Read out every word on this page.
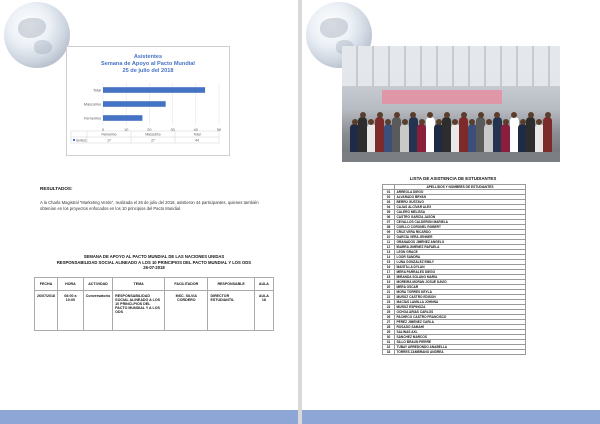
Asistentes
Semana de Apoyo al Pacto Mundial
25 de julio del 2018
0	10	20	30	40	50
Total
Masculino
Femenino
Femenino
17
Masculino
27
Total
44
Series1
RESULTADOS:
A la Charla Magistral "Marketing Verde", realizada el 26 de julio del 2018, asistieron 44 participantes, quienes también obtenían en los proyectos enfocados en los 10 principios del Pacto Mundial.
SEMANA DE APOYO AL PACTO MUNDIAL DE LAS NACIONES UNIDAS
RESPONSABILIDAD SOCIAL ALINEADO A LOS 10 PRINCIPIOS DEL PACTO MUNDIAL Y LOS ODS
26-07-2018
FECHA	HORA	ACTIVIDAD	TEMA	FACILITADOR	RESPONSABLE	AULA
26/07/2018	08:00 a 10:00	Conversatorio	RESPONSABILIDAD SOCIAL ALINEADO A LOS 10 PRINCI-PIOS DEL PACTO MUNDIAL Y A LOS ODS	MSC. SILVIA CORDERO	DIRECTOR ESTUDIANTIL	AULA 18
LISTA DE ASISTENCIA DE ESTUDIANTES
	APELLIDOS Y NOMBRES DE ESTUDIANTES
01	ARREOLA DIEGO
02	ALVARADO BRYAN
03	BERRÚ GUSTAVO
04	CAJAS ALCÍVAR ALEX
05	CALERO MELISSA
06	CASTRO GARCÍA JASÓN
07	CEVALLOS CALDERÓN MARIELA
08	COELLO CORONEL ROBERT
09	CRUZ VERA RICARDO
10	GARCÍA VERA JENNER
11	GRANADOS JIMÉNEZ ANGELO
12	IBARRA JIMÉNEZ RAFAELA
13	LEÓN GRACE
14	LOOR SANDRA
15	LUNA GONZÁLEZ EMILY
16	MANTILLA DYLAN
17	MERA PARRALES DIEGO
18	MIRANDA SOLANO MARÍA
19	MOREIRA MORÁN JOSUÉ DAVID
20	MERA OSCAR
21	MORA TORRES KEYLA
22	MUÑOZ CASTRO EDISON
23	MACÍAS LAMILLA JOHNNA
24	MUÑOZ ESPINOZA
25	OCHOA ARIAS CARLOS
26	PACHECO CASTRO FRANCISCO
27	PÉREZ JIMÉNEZ CARLA
28	ROSADO SAMAHÍ
29	SALINAS AXL
30	SÁNCHEZ MARCOS
31	SILLO BRAUN PIERRE
32	TUBAY ARREDONDO ANABELLA
33	TORRES ZAMBRANO ANDREA
